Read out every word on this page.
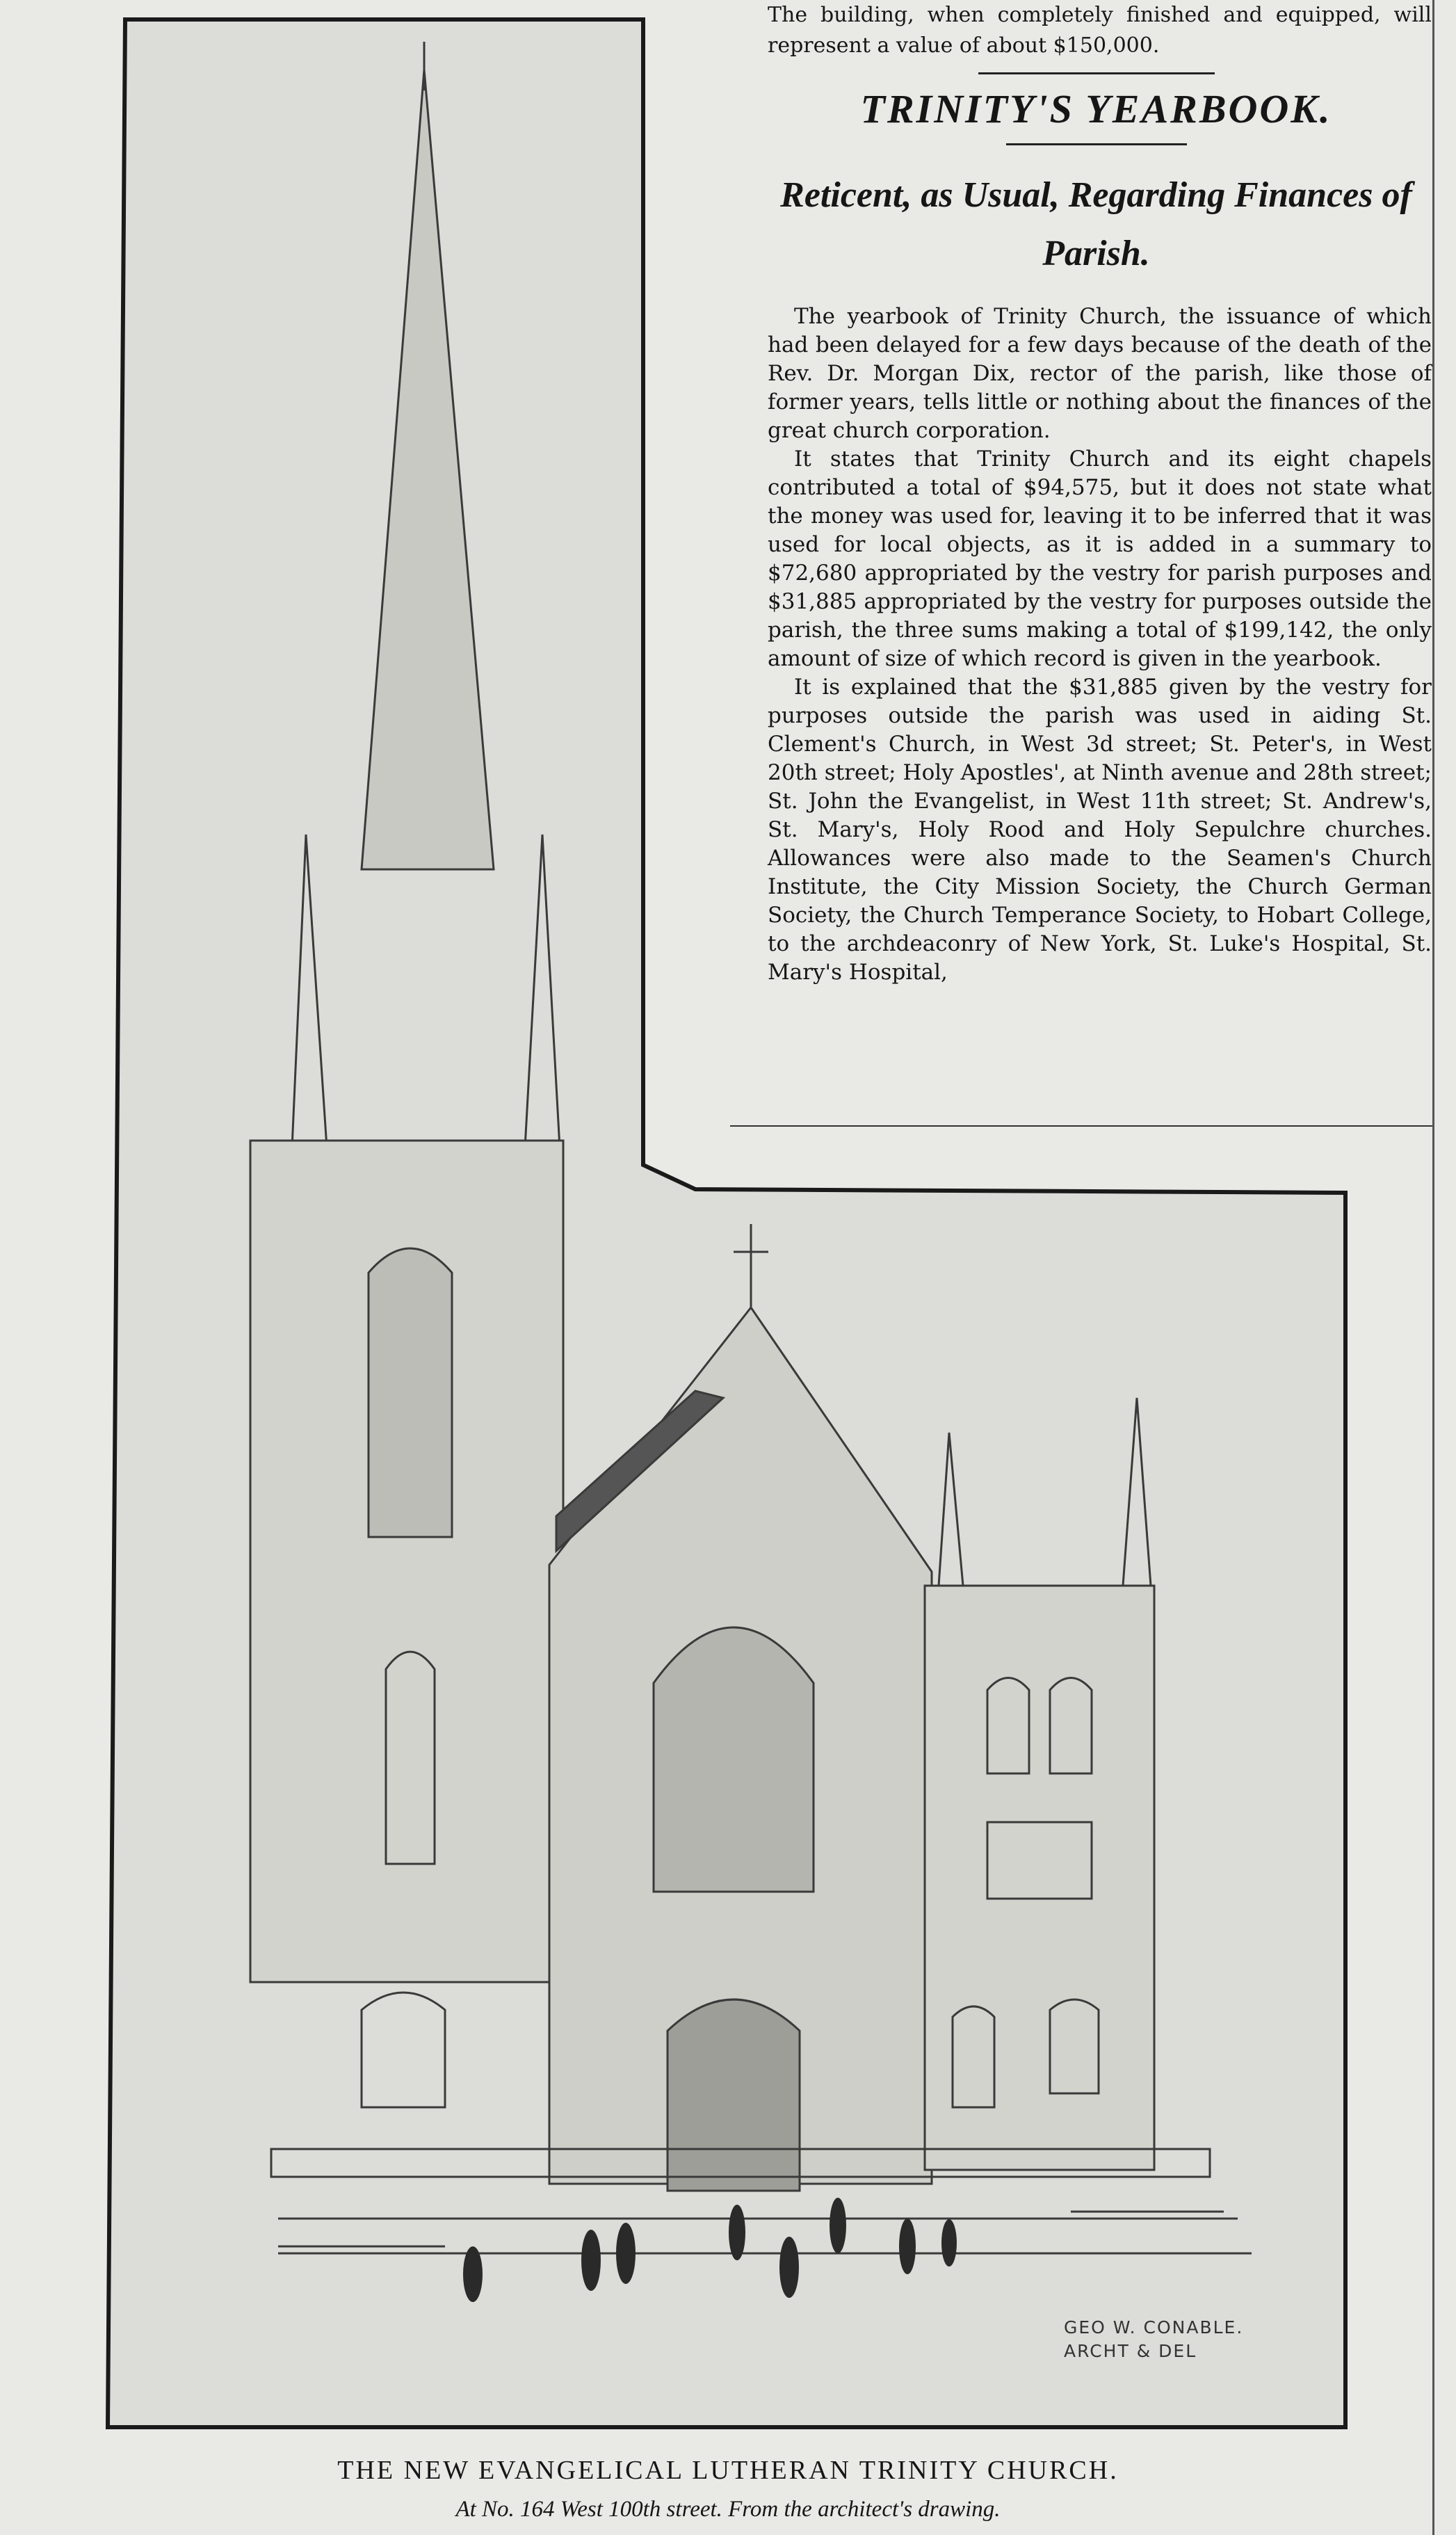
GEO W. CONABLE.
ARCHT & DEL
The building, when completely finished and equipped, will represent a value of about $150,000.
TRINITY'S YEARBOOK.
Reticent, as Usual, Regarding Finances of Parish.

The yearbook of Trinity Church, the issuance of which had been delayed for a few days because of the death of the Rev. Dr. Morgan Dix, rector of the parish, like those of former years, tells little or nothing about the finances of the great church corporation.

It states that Trinity Church and its eight chapels contributed a total of $94,575, but it does not state what the money was used for, leaving it to be inferred that it was used for local objects, as it is added in a summary to $72,680 appropriated by the vestry for parish purposes and $31,885 appropriated by the vestry for purposes outside the parish, the three sums making a total of $199,142, the only amount of size of which record is given in the yearbook.

It is explained that the $31,885 given by the vestry for purposes outside the parish was used in aiding St. Clement's Church, in West 3d street; St. Peter's, in West 20th street; Holy Apostles', at Ninth avenue and 28th street; St. John the Evangelist, in West 11th street; St. Andrew's, St. Mary's, Holy Rood and Holy Sepulchre churches. Allowances were also made to the Seamen's Church Institute, the City Mission Society, the Church German Society, the Church Temperance Society, to Hobart College, to the archdeaconry of New York, St. Luke's Hospital, St. Mary's Hospital,

THE NEW EVANGELICAL LUTHERAN TRINITY CHURCH.
At No. 164 West 100th street. From the architect's drawing.
